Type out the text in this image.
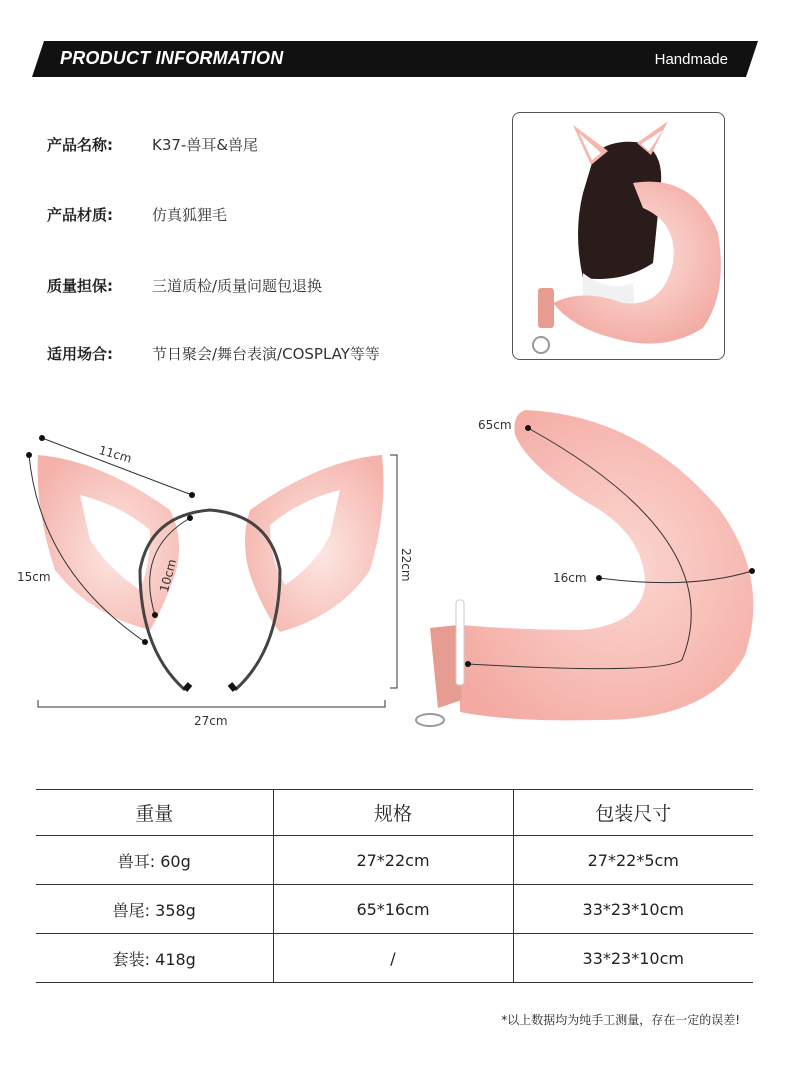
PRODUCT INFORMATION	Handmade
产品名称:	K37-兽耳&兽尾
产品材质:	仿真狐狸毛
质量担保:	三道质检/质量问题包退换
适用场合:	节日聚会/舞台表演/COSPLAY等等
11cm
15cm	10cm	22cm
27cm
65cm
16cm
重量	规格	包装尺寸
兽耳: 60g	27*22cm	27*22*5cm
兽尾: 358g	65*16cm	33*23*10cm
套装: 418g	/	33*23*10cm
*以上数据均为纯手工测量，存在一定的误差!
